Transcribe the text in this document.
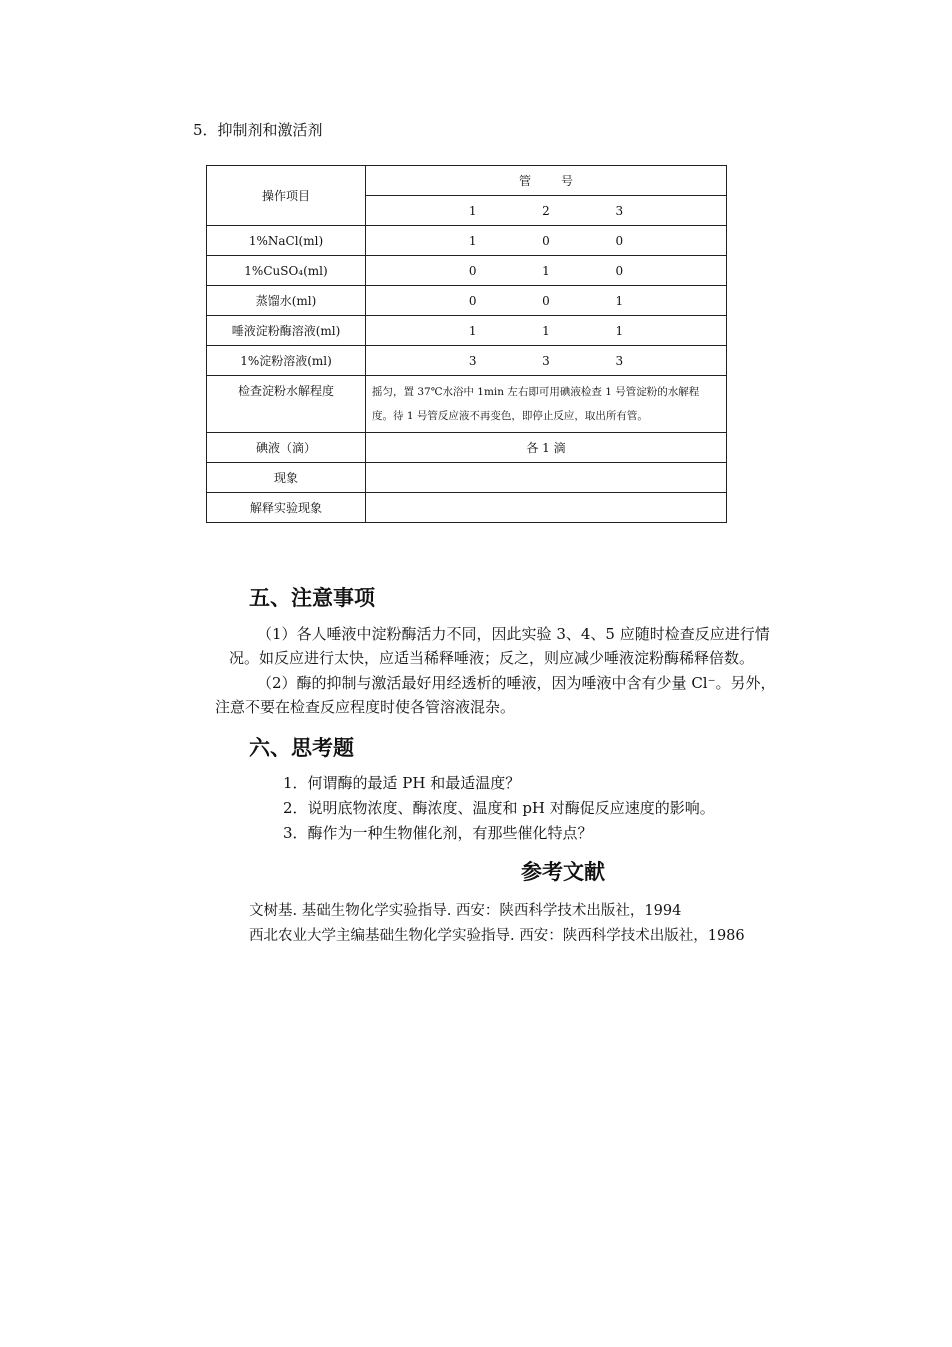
5．抑制剂和激活剂
操作项目	管号

	1 2 3

1%NaCl(ml)	1 0 0

1%CuSO₄(ml)	0 1 0

蒸馏水(ml)	0 0 1

唾液淀粉酶溶液(ml)	1 1 1

1%淀粉溶液(ml)	3 3 3

检查淀粉水解程度	摇匀，置 37℃水浴中 1min 左右即可用碘液检查 1 号管淀粉的水解程度。待 1 号管反应液不再变色，即停止反应，取出所有管。
碘液（滴）	各 1 滴
现象	
解释实验现象	
五、注意事项
（1）各人唾液中淀粉酶活力不同，因此实验 3、4、5 应随时检查反应进行情
况。如反应进行太快，应适当稀释唾液；反之，则应减少唾液淀粉酶稀释倍数。
（2）酶的抑制与激活最好用经透析的唾液，因为唾液中含有少量 Cl⁻。另外，
注意不要在检查反应程度时使各管溶液混杂。
六、思考题
1．何谓酶的最适 PH 和最适温度？
2．说明底物浓度、酶浓度、温度和 pH 对酶促反应速度的影响。
3．酶作为一种生物催化剂，有那些催化特点？
参考文献
文树基. 基础生物化学实验指导. 西安：陕西科学技术出版社，1994
西北农业大学主编基础生物化学实验指导. 西安：陕西科学技术出版社，1986
